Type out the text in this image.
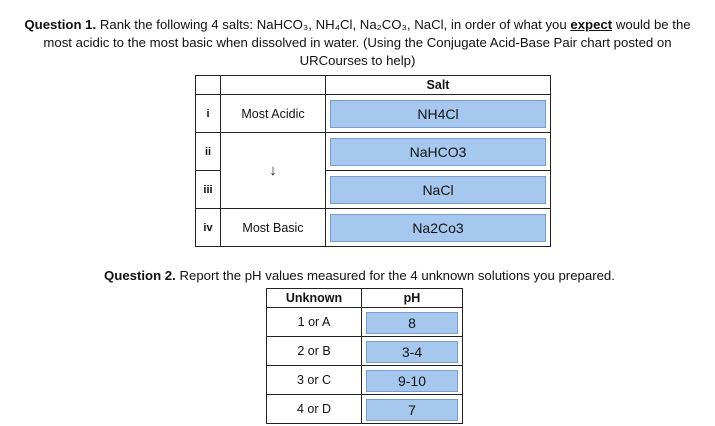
Question 1. Rank the following 4 salts: NaHCO₃, NH₄Cl, Na₂CO₃, NaCl, in order of what you expect would be the
most acidic to the most basic when dissolved in water. (Using the Conjugate Acid-Base Pair chart posted on
URCourses to help)
		Salt
i	Most Acidic	NH4Cl

ii	↓	NaHCO3

iii		NaCl

iv	Most Basic	Na2Co3
Question 2. Report the pH values measured for the 4 unknown solutions you prepared.
Unknown	pH
1 or A	8

2 or B	3-4

3 or C	9-10

4 or D	7
